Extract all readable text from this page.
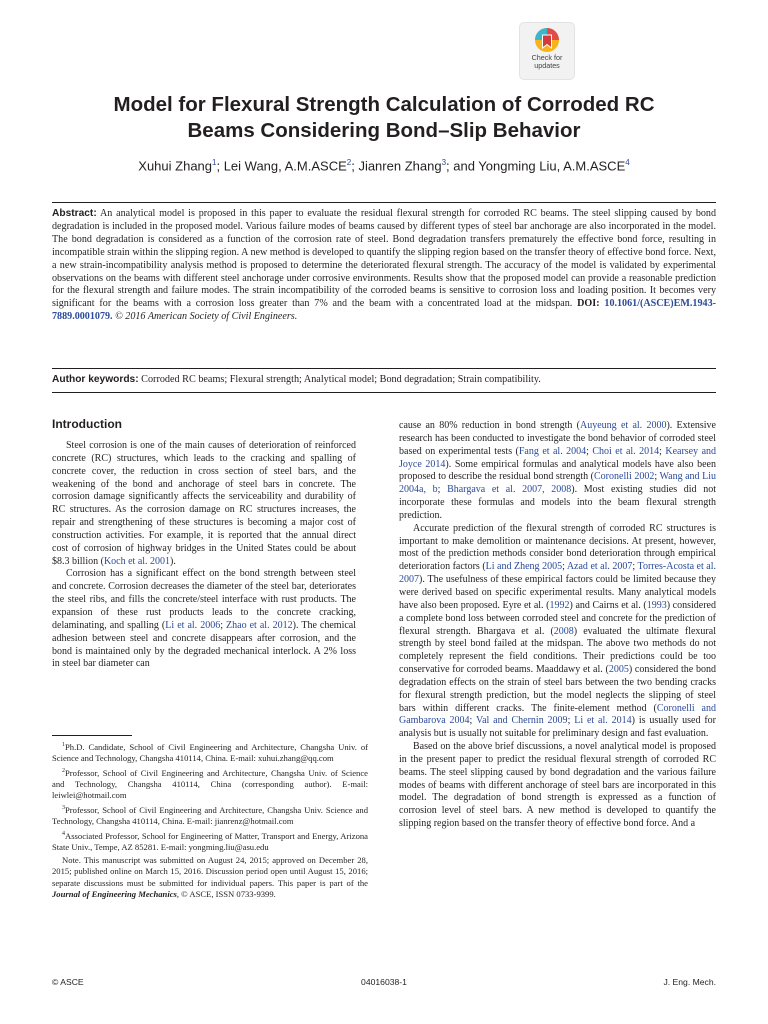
Check for
updates
Model for Flexural Strength Calculation of Corroded RC
Beams Considering Bond–Slip Behavior
Xuhui Zhang$^1$; Lei Wang, A.M.ASCE$^2$; Jianren Zhang$^3$; and Yongming Liu, A.M.ASCE$^4$
Abstract: An analytical model is proposed in this paper to evaluate the residual flexural strength for corroded RC beams. The steel slipping caused by bond degradation is included in the proposed model. Various failure modes of beams caused by different types of steel bar anchorage are also incorporated in the model. The bond degradation is considered as a function of the corrosion rate of steel. Bond degradation transfers prematurely the effective bond force, resulting in incompatible strain within the slipping region. A new method is developed to quantify the slipping region based on the transfer theory of effective bond force. Next, a new strain-incompatibility analysis method is proposed to determine the deteriorated flexural strength. The accuracy of the model is validated by experimental observations on the beams with different steel anchorage under corrosive environments. Results show that the proposed model can provide a reasonable prediction for the flexural strength and failure modes. The strain incompatibility of the corroded beams is sensitive to corrosion loss and loading position. It becomes very significant for the beams with a corrosion loss greater than 7% and the beam with a concentrated load at the midspan. DOI: 10.1061/(ASCE)EM.1943-7889.0001079. © 2016 American Society of Civil Engineers.
Author keywords: Corroded RC beams; Flexural strength; Analytical model; Bond degradation; Strain compatibility.
Introduction

Steel corrosion is one of the main causes of deterioration of reinforced concrete (RC) structures, which leads to the cracking and spalling of concrete cover, the reduction in cross section of steel bars, and the weakening of the bond and anchorage of steel bars in concrete. The corrosion damage significantly affects the serviceability and durability of RC structures. As the corrosion damage on RC structures increases, the repair and strengthening of these structures is becoming a major cost of construction activities. For example, it is reported that the annual direct cost of corrosion of highway bridges in the United States could be about $8.3 billion (Koch et al. 2001).

Corrosion has a significant effect on the bond strength between steel and concrete. Corrosion decreases the diameter of the steel bar, deteriorates the steel ribs, and fills the concrete/steel interface with rust products. The expansion of these rust products leads to the concrete cracking, delaminating, and spalling (Li et al. 2006; Zhao et al. 2012). The chemical adhesion between steel and concrete disappears after corrosion, and the bond is maintained only by the degraded mechanical interlock. A 2% loss in steel bar diameter can

cause an 80% reduction in bond strength (Auyeung et al. 2000). Extensive research has been conducted to investigate the bond behavior of corroded steel based on experimental tests (Fang et al. 2004; Choi et al. 2014; Kearsey and Joyce 2014). Some empirical formulas and analytical models have also been proposed to describe the residual bond strength (Coronelli 2002; Wang and Liu 2004a, b; Bhargava et al. 2007, 2008). Most existing studies did not incorporate these formulas and models into the beam flexural strength prediction.

Accurate prediction of the flexural strength of corroded RC structures is important to make demolition or maintenance decisions. At present, however, most of the prediction methods consider bond deterioration through empirical deterioration factors (Li and Zheng 2005; Azad et al. 2007; Torres-Acosta et al. 2007). The usefulness of these empirical factors could be limited because they were derived based on specific experimental results. Many analytical models have also been proposed. Eyre et al. (1992) and Cairns et al. (1993) considered a complete bond loss between corroded steel and concrete for the prediction of flexural strength. Bhargava et al. (2008) evaluated the ultimate flexural strength by steel bond failed at the midspan. The above two methods do not completely represent the field conditions. Their predictions could be too conservative for corroded beams. Maaddawy et al. (2005) considered the bond degradation effects on the strain of steel bars between the two bending cracks for flexural strength prediction, but the model neglects the slipping of steel bars within different cracks. The finite-element method (Coronelli and Gambarova 2004; Val and Chernin 2009; Li et al. 2014) is usually used for analysis but is usually not suitable for preliminary design and fast evaluation.

Based on the above brief discussions, a novel analytical model is proposed in the present paper to predict the residual flexural strength of corroded RC beams. The steel slipping caused by bond degradation and the various failure modes of beams with different anchorage of steel bars are incorporated in this model. The degradation of bond strength is expressed as a function of corrosion level of steel bars. A new method is developed to quantify the slipping region based on the transfer theory of effective bond force. And a

$^1$Ph.D. Candidate, School of Civil Engineering and Architecture, Changsha Univ. of Science and Technology, Changsha 410114, China. E-mail: xuhui.zhang@qq.com

$^2$Professor, School of Civil Engineering and Architecture, Changsha Univ. of Science and Technology, Changsha 410114, China (corresponding author). E-mail: leiwlei@hotmail.com

$^3$Professor, School of Civil Engineering and Architecture, Changsha Univ. Science and Technology, Changsha 410114, China. E-mail: jianrenz@hotmail.com

$^4$Associated Professor, School for Engineering of Matter, Transport and Energy, Arizona State Univ., Tempe, AZ 85281. E-mail: yongming.liu@asu.edu

Note. This manuscript was submitted on August 24, 2015; approved on December 28, 2015; published online on March 15, 2016. Discussion period open until August 15, 2016; separate discussions must be submitted for individual papers. This paper is part of the Journal of Engineering Mechanics, © ASCE, ISSN 0733-9399.

© ASCE	04016038-1	J. Eng. Mech.
